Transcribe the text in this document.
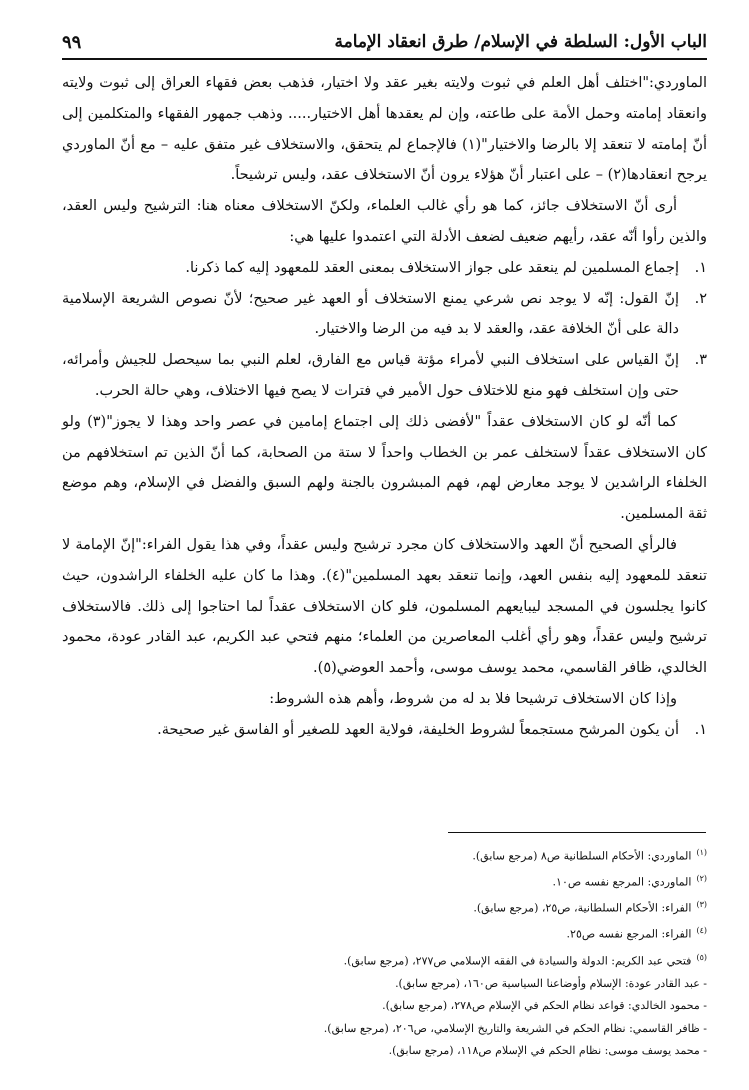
الباب الأول: السلطة في الإسلام/ طرق انعقاد الإمامة
٩٩

الماوردي:"اختلف أهل العلم في ثبوت ولايته بغير عقد ولا اختيار، فذهب بعض فقهاء العراق إلى ثبوت ولايته وانعقاد إمامته وحمل الأمة على طاعته، وإن لم يعقدها أهل الاختيار..... وذهب جمهور الفقهاء والمتكلمين إلى أنّ إمامته لا تنعقد إلا بالرضا والاختيار"(١) فالإجماع لم يتحقق، والاستخلاف غير متفق عليه – مع أنّ الماوردي يرجح انعقادها(٢) – على اعتبار أنّ هؤلاء يرون أنّ الاستخلاف عقد، وليس ترشيحاً.

أرى أنّ الاستخلاف جائز، كما هو رأي غالب العلماء، ولكنّ الاستخلاف معناه هنا: الترشيح وليس العقد، والذين رأوا أنّه عقد، رأيهم ضعيف لضعف الأدلة التي اعتمدوا عليها هي:

١.
إجماع المسلمين لم ينعقد على جواز الاستخلاف بمعنى العقد للمعهود إليه كما ذكرنا.
٢.
إنّ القول: إنّه لا يوجد نص شرعي يمنع الاستخلاف أو العهد غير صحيح؛ لأنّ نصوص الشريعة الإسلامية دالة على أنّ الخلافة عقد، والعقد لا بد فيه من الرضا والاختيار.
٣.
إنّ القياس على استخلاف النبي لأمراء مؤتة قياس مع الفارق، لعلم النبي بما سيحصل للجيش وأمرائه، حتى وإن استخلف فهو منع للاختلاف حول الأمير في فترات لا يصح فيها الاختلاف، وهي حالة الحرب.

كما أنّه لو كان الاستخلاف عقداً "لأفضى ذلك إلى اجتماع إمامين في عصر واحد وهذا لا يجوز"(٣) ولو كان الاستخلاف عقداً لاستخلف عمر بن الخطاب واحداً لا ستة من الصحابة، كما أنّ الذين تم استخلافهم من الخلفاء الراشدين لا يوجد معارض لهم، فهم المبشرون بالجنة ولهم السبق والفضل في الإسلام، وهم موضع ثقة المسلمين.

فالرأي الصحيح أنّ العهد والاستخلاف كان مجرد ترشيح وليس عقداً، وفي هذا يقول الفراء:"إنّ الإمامة لا تنعقد للمعهود إليه بنفس العهد، وإنما تنعقد بعهد المسلمين"(٤). وهذا ما كان عليه الخلفاء الراشدون، حيث كانوا يجلسون في المسجد ليبايعهم المسلمون، فلو كان الاستخلاف عقداً لما احتاجوا إلى ذلك. فالاستخلاف ترشيح وليس عقداً، وهو رأي أغلب المعاصرين من العلماء؛ منهم فتحي عبد الكريم، عبد القادر عودة، محمود الخالدي، ظافر القاسمي، محمد يوسف موسى، وأحمد العوضي(٥).

وإذا كان الاستخلاف ترشيحا فلا بد له من شروط، وأهم هذه الشروط:

١.
أن يكون المرشح مستجمعاً لشروط الخليفة، فولاية العهد للصغير أو الفاسق غير صحيحة.
$^{(١)}$الماوردي: الأحكام السلطانية ص٨ (مرجع سابق).
$^{(٢)}$الماوردي: المرجع نفسه ص١٠.
$^{(٣)}$الفراء: الأحكام السلطانية، ص٢٥، (مرجع سابق).
$^{(٤)}$الفراء: المرجع نفسه ص٢٥.
$^{(٥)}$فتحي عبد الكريم: الدولة والسيادة في الفقه الإسلامي ص٢٧٧، (مرجع سابق).
- عبد القادر عودة: الإسلام وأوضاعنا السياسية ص١٦٠، (مرجع سابق).
- محمود الخالدي: قواعد نظام الحكم في الإسلام ص٢٧٨، (مرجع سابق).
- ظافر القاسمي: نظام الحكم في الشريعة والتاريخ الإسلامي، ص٢٠٦، (مرجع سابق).
- محمد يوسف موسى: نظام الحكم في الإسلام ص١١٨، (مرجع سابق).
